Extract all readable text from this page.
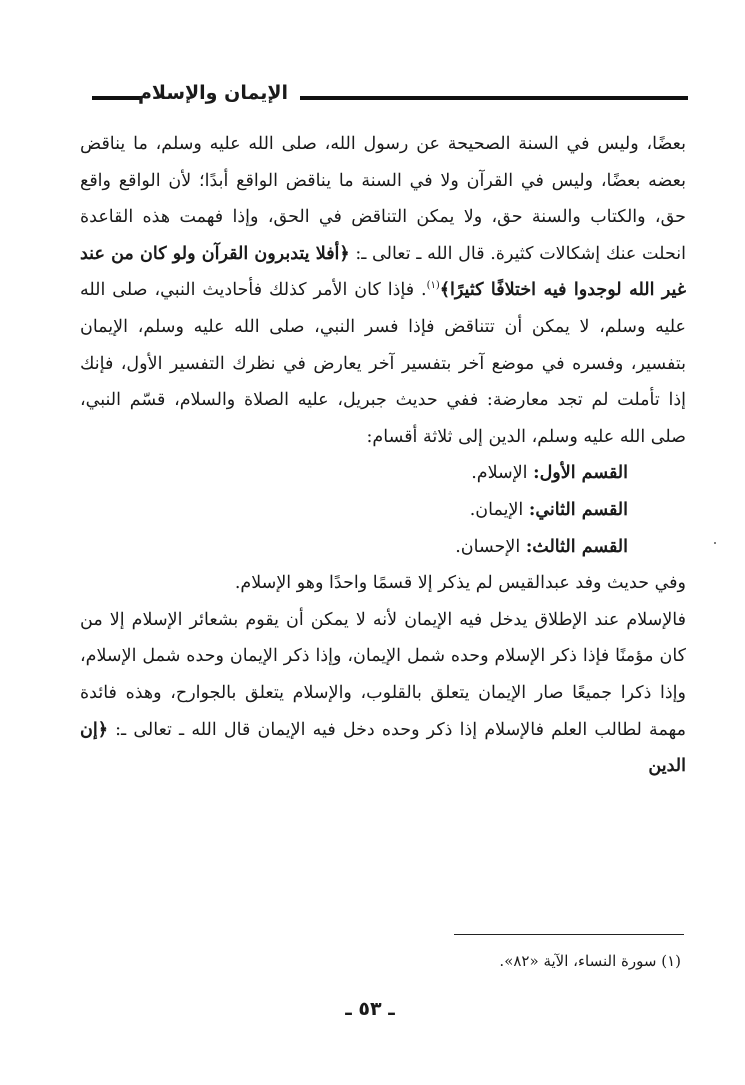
الإيمان والإسلام

بعضًا، وليس في السنة الصحيحة عن رسول الله، صلى الله عليه وسلم، ما يناقض بعضه بعضًا، وليس في القرآن ولا في السنة ما يناقض الواقع أبدًا؛ لأن الواقع واقع حق، والكتاب والسنة حق، ولا يمكن التناقض في الحق، وإذا فهمت هذه القاعدة انحلت عنك إشكالات كثيرة. قال الله ـ تعالى ـ: ﴿أفلا يتدبرون القرآن ولو كان من عند غير الله لوجدوا فيه اختلافًا كثيرًا﴾$^{(١)}$. فإذا كان الأمر كذلك فأحاديث النبي، صلى الله عليه وسلم، لا يمكن أن تتناقض فإذا فسر النبي، صلى الله عليه وسلم، الإيمان بتفسير، وفسره في موضع آخر بتفسير آخر يعارض في نظرك التفسير الأول، فإنك إذا تأملت لم تجد معارضة: ففي حديث جبريل، عليه الصلاة والسلام، قسّم النبي، صلى الله عليه وسلم، الدين إلى ثلاثة أقسام:

القسم الأول: الإسلام.

القسم الثاني: الإيمان.

القسم الثالث: الإحسان.

وفي حديث وفد عبدالقيس لم يذكر إلا قسمًا واحدًا وهو الإسلام.

فالإسلام عند الإطلاق يدخل فيه الإيمان لأنه لا يمكن أن يقوم بشعائر الإسلام إلا من كان مؤمنًا فإذا ذكر الإسلام وحده شمل الإيمان، وإذا ذكر الإيمان وحده شمل الإسلام، وإذا ذكرا جميعًا صار الإيمان يتعلق بالقلوب، والإسلام يتعلق بالجوارح، وهذه فائدة مهمة لطالب العلم فالإسلام إذا ذكر وحده دخل فيه الإيمان قال الله ـ تعالى ـ: ﴿إن الدين

(١) سورة النساء، الآية «٨٢».
ـ ٥٣ ـ
